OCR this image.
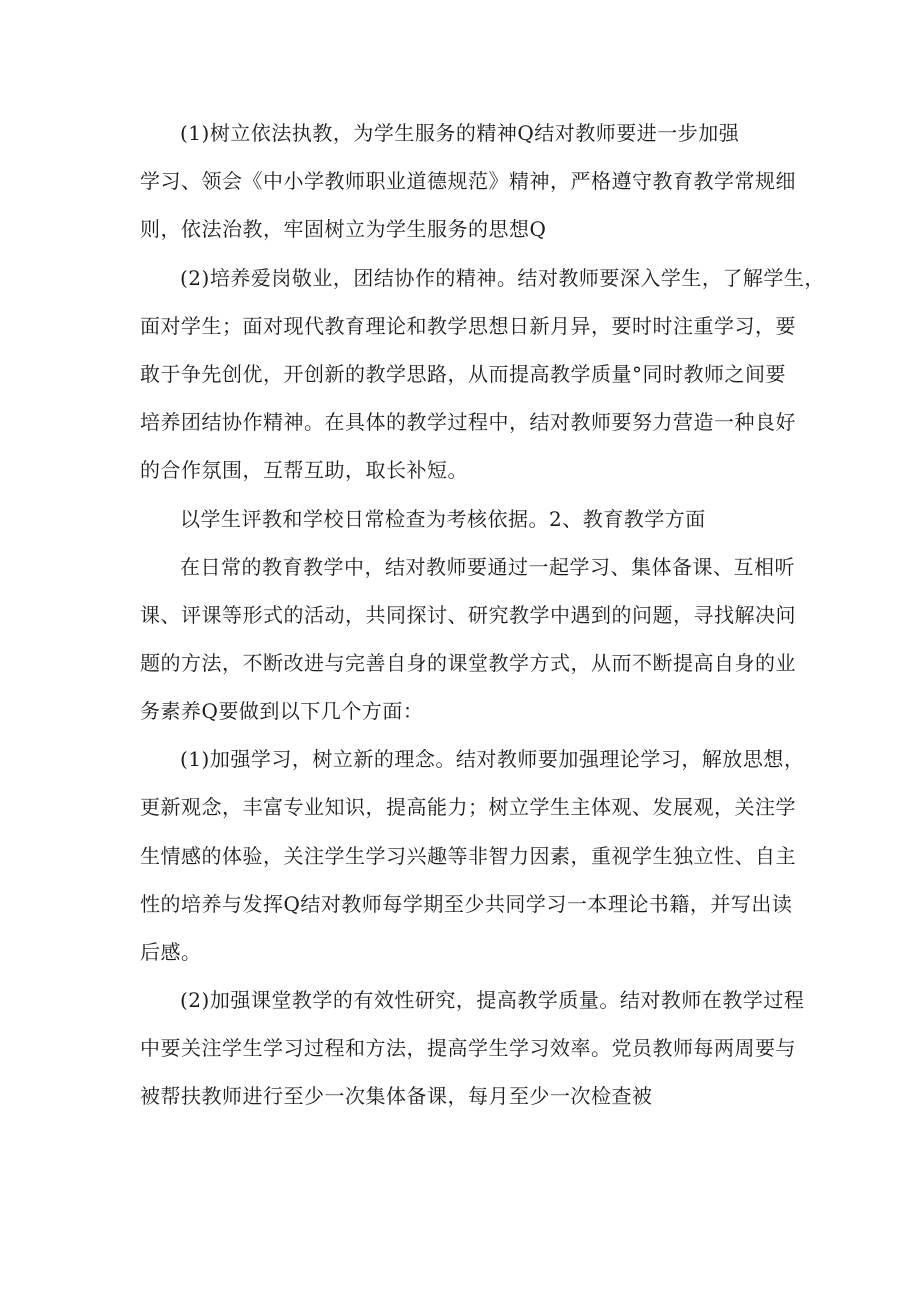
(1)树立依法执教，为学生服务的精神Q结对教师要进一步加强
学习、领会《中小学教师职业道德规范》精神，严格遵守教育教学常规细
则，依法治教，牢固树立为学生服务的思想Q
(2)培养爱岗敬业，团结协作的精神。结对教师要深入学生，了解学生，
面对学生；面对现代教育理论和教学思想日新月异，要时时注重学习，要
敢于争先创优，开创新的教学思路，从而提高教学质量°同时教师之间要
培养团结协作精神。在具体的教学过程中，结对教师要努力营造一种良好
的合作氛围，互帮互助，取长补短。
以学生评教和学校日常检查为考核依据。2、教育教学方面
在日常的教育教学中，结对教师要通过一起学习、集体备课、互相听
课、评课等形式的活动，共同探讨、研究教学中遇到的问题，寻找解决问
题的方法，不断改进与完善自身的课堂教学方式，从而不断提高自身的业
务素养Q要做到以下几个方面：
(1)加强学习，树立新的理念。结对教师要加强理论学习，解放思想，
更新观念，丰富专业知识，提高能力；树立学生主体观、发展观，关注学
生情感的体验，关注学生学习兴趣等非智力因素，重视学生独立性、自主
性的培养与发挥Q结对教师每学期至少共同学习一本理论书籍，并写出读
后感。
(2)加强课堂教学的有效性研究，提高教学质量。结对教师在教学过程
中要关注学生学习过程和方法，提高学生学习效率。党员教师每两周要与
被帮扶教师进行至少一次集体备课，每月至少一次检查被
